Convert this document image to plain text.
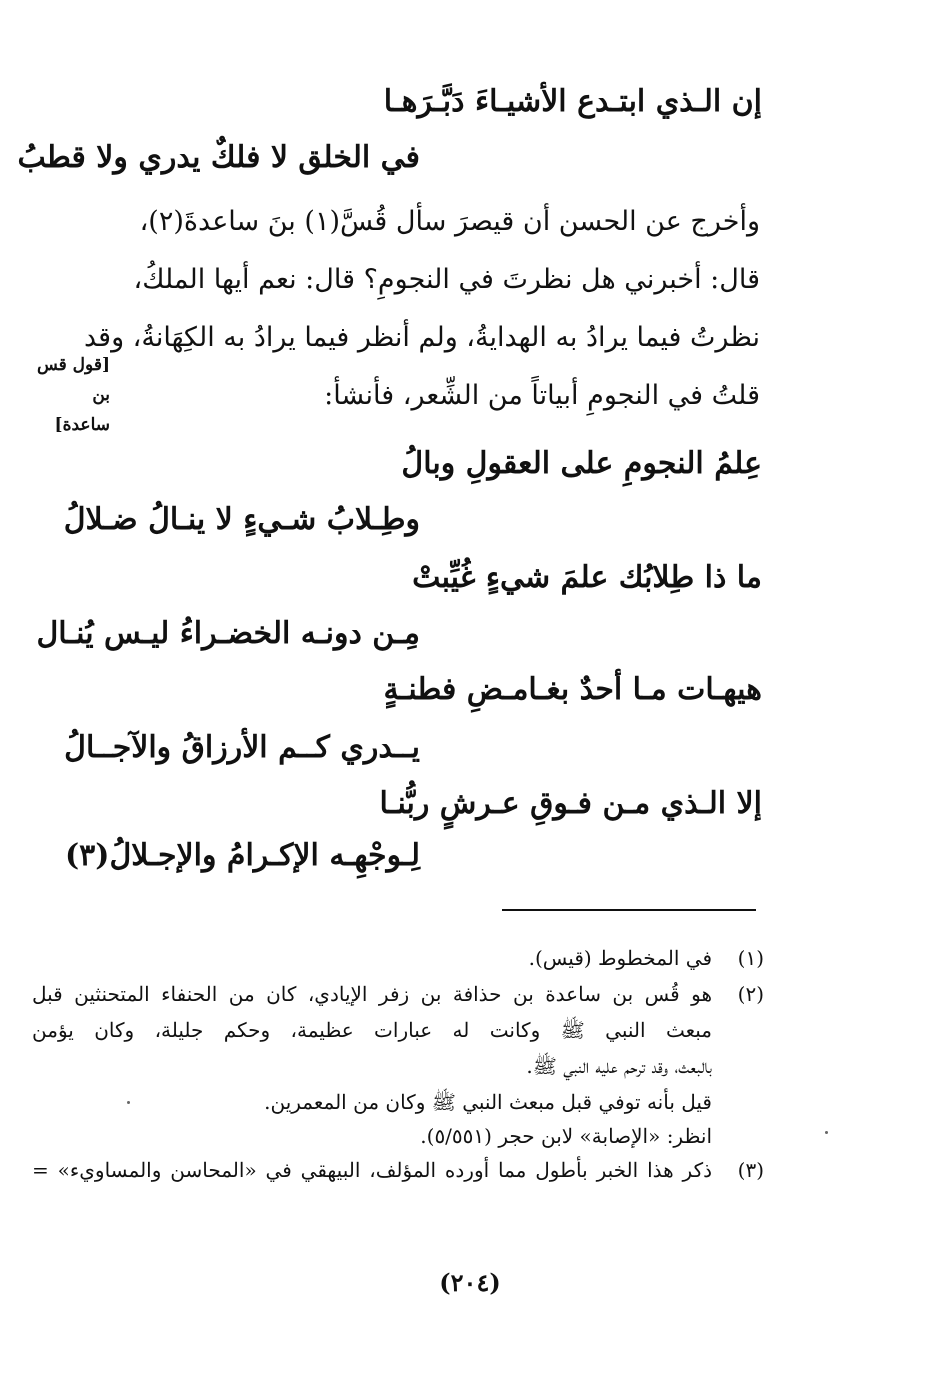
إن الـذي ابتـدع الأشيـاءَ دَبَّـرَهـا
في الخلق لا فلكٌ يدري ولا قطبُ
وأخرج عن الحسن أن قيصرَ سأل قُسَّ(١) بنَ ساعدةَ(٢)،
قال: أخبرني هل نظرتَ في النجومِ؟ قال: نعم أيها الملكُ،
نظرتُ فيما يرادُ به الهدايةُ، ولم أنظر فيما يرادُ به الكِهَانةُ، وقد
قلتُ في النجومِ أبياتاً من الشِّعر، فأنشأ:
[قول قس بن
ساعدة]
عِلمُ النجومِ على العقولِ وبالُ
وطِـلابُ شـيءٍ لا ينـالُ ضـلالُ
ما ذا طِلابُك علمَ شيءٍ غُيِّبتْ
مِـن دونـه الخضـراءُ ليـس يُنـال
هيهـات مـا أحدٌ بغـامـضِ فطنـةٍ
يــدري كــم الأرزاقُ والآجــالُ
إلا الـذي مـن فـوقِ عـرشٍ ربُّنـا
لِـوجْهِـه الإكـرامُ والإجـلالُ(٣)
(١)
في المخطوط (قيس).
(٢)
هو قُس بن ساعدة بن حذافة بن زفر الإيادي، كان من الحنفاء المتحنثين قبل
مبعث النبي ﷺ وكانت له عبارات عظيمة، وحكم جليلة، وكان يؤمن
بالبعث، وقد ترحم عليه النبي ﷺ.
قيل بأنه توفي قبل مبعث النبي ﷺ وكان من المعمرين.
انظر: «الإصابة» لابن حجر (٥/٥٥١).
(٣)
ذكر هذا الخبر بأطول مما أورده المؤلف، البيهقي في «المحاسن والمساويء» =
(٢٠٤)
